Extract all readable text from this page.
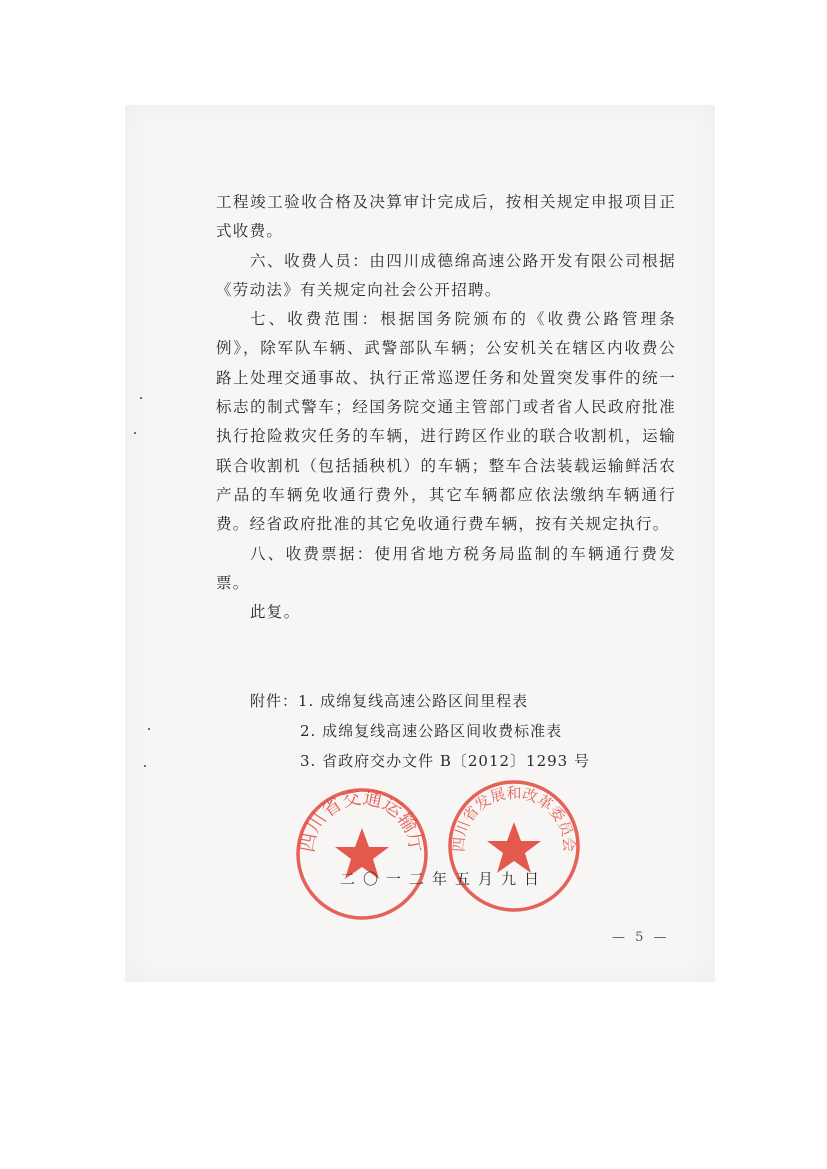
工程竣工验收合格及决算审计完成后，按相关规定申报项目正式收费。

六、收费人员：由四川成德绵高速公路开发有限公司根据《劳动法》有关规定向社会公开招聘。

七、收费范围：根据国务院颁布的《收费公路管理条例》，除军队车辆、武警部队车辆；公安机关在辖区内收费公路上处理交通事故、执行正常巡逻任务和处置突发事件的统一标志的制式警车；经国务院交通主管部门或者省人民政府批准执行抢险救灾任务的车辆，进行跨区作业的联合收割机，运输联合收割机（包括插秧机）的车辆；整车合法装载运输鲜活农产品的车辆免收通行费外，其它车辆都应依法缴纳车辆通行费。经省政府批准的其它免收通行费车辆，按有关规定执行。

八、收费票据：使用省地方税务局监制的车辆通行费发票。

此复。

附件：1. 成绵复线高速公路区间里程表
2. 成绵复线高速公路区间收费标准表
3. 省政府交办文件 B〔2012〕1293 号
四川省交通运输厅 四川省发展和改革委员会
二〇一二年五月九日
— 5 —
